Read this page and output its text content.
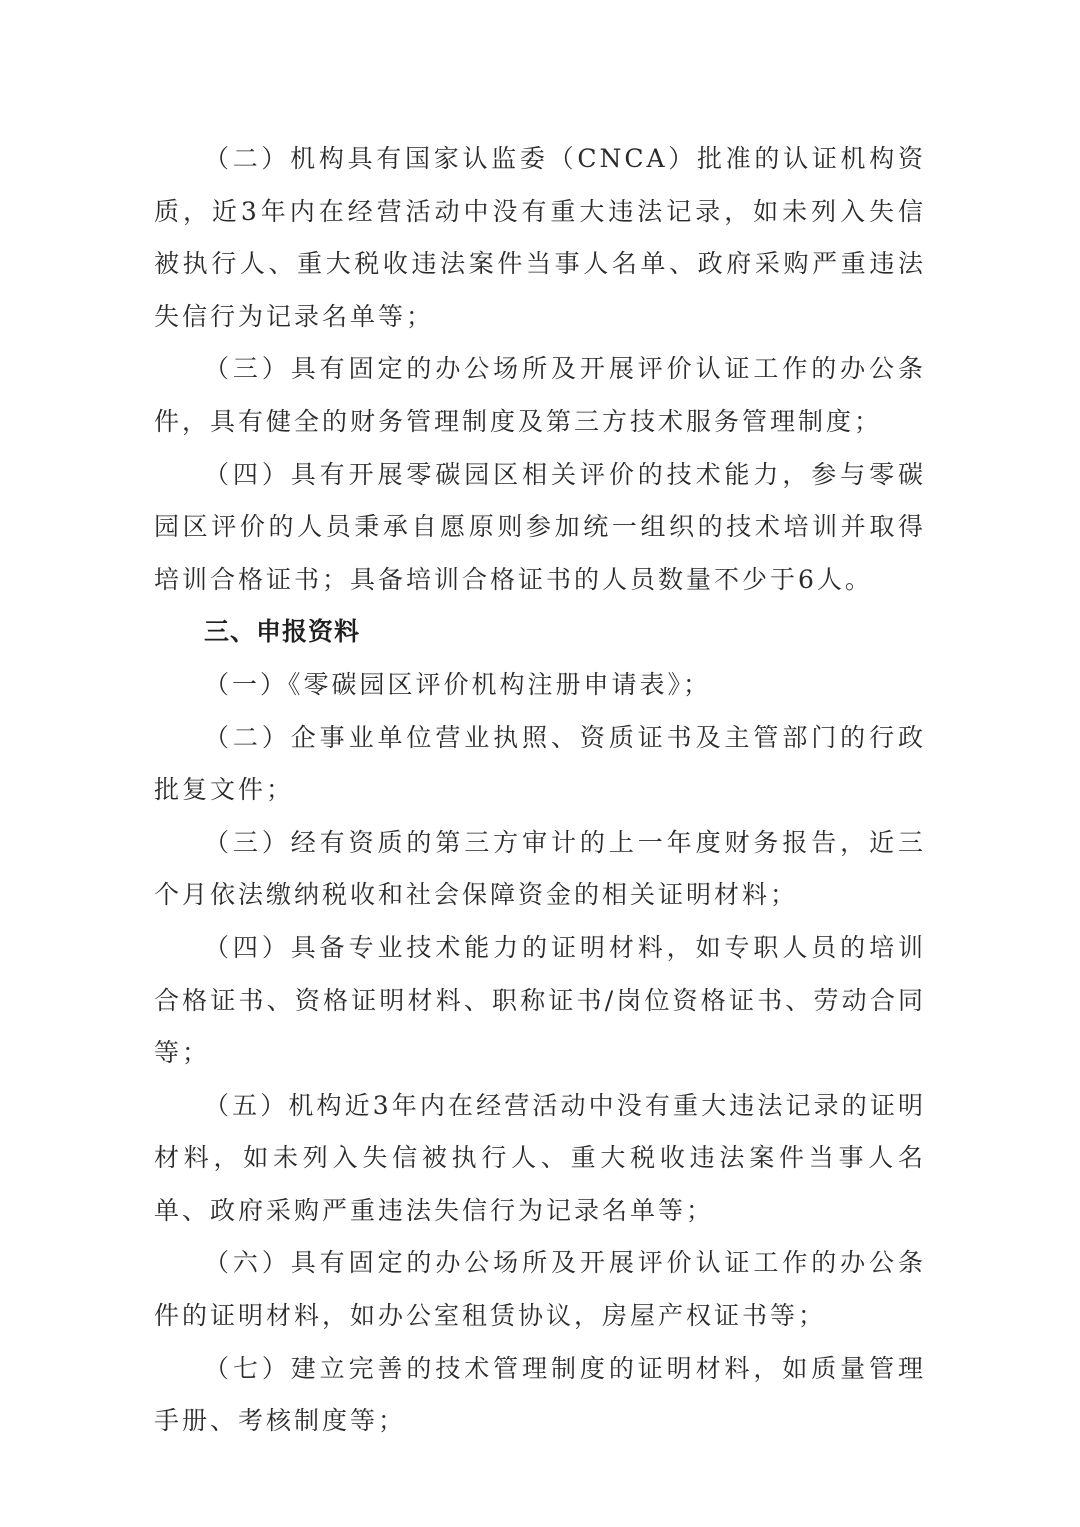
（二）机构具有国家认监委（CNCA）批准的认证机构资质，近3年内在经营活动中没有重大违法记录，如未列入失信被执行人、重大税收违法案件当事人名单、政府采购严重违法失信行为记录名单等；

（三）具有固定的办公场所及开展评价认证工作的办公条件，具有健全的财务管理制度及第三方技术服务管理制度；

（四）具有开展零碳园区相关评价的技术能力，参与零碳园区评价的人员秉承自愿原则参加统一组织的技术培训并取得培训合格证书；具备培训合格证书的人员数量不少于6人。

三、申报资料

（一）《零碳园区评价机构注册申请表》；

（二）企事业单位营业执照、资质证书及主管部门的行政批复文件；

（三）经有资质的第三方审计的上一年度财务报告，近三个月依法缴纳税收和社会保障资金的相关证明材料；

（四）具备专业技术能力的证明材料，如专职人员的培训合格证书、资格证明材料、职称证书/岗位资格证书、劳动合同等；

（五）机构近3年内在经营活动中没有重大违法记录的证明材料，如未列入失信被执行人、重大税收违法案件当事人名单、政府采购严重违法失信行为记录名单等；

（六）具有固定的办公场所及开展评价认证工作的办公条件的证明材料，如办公室租赁协议，房屋产权证书等；

（七）建立完善的技术管理制度的证明材料，如质量管理手册、考核制度等；
